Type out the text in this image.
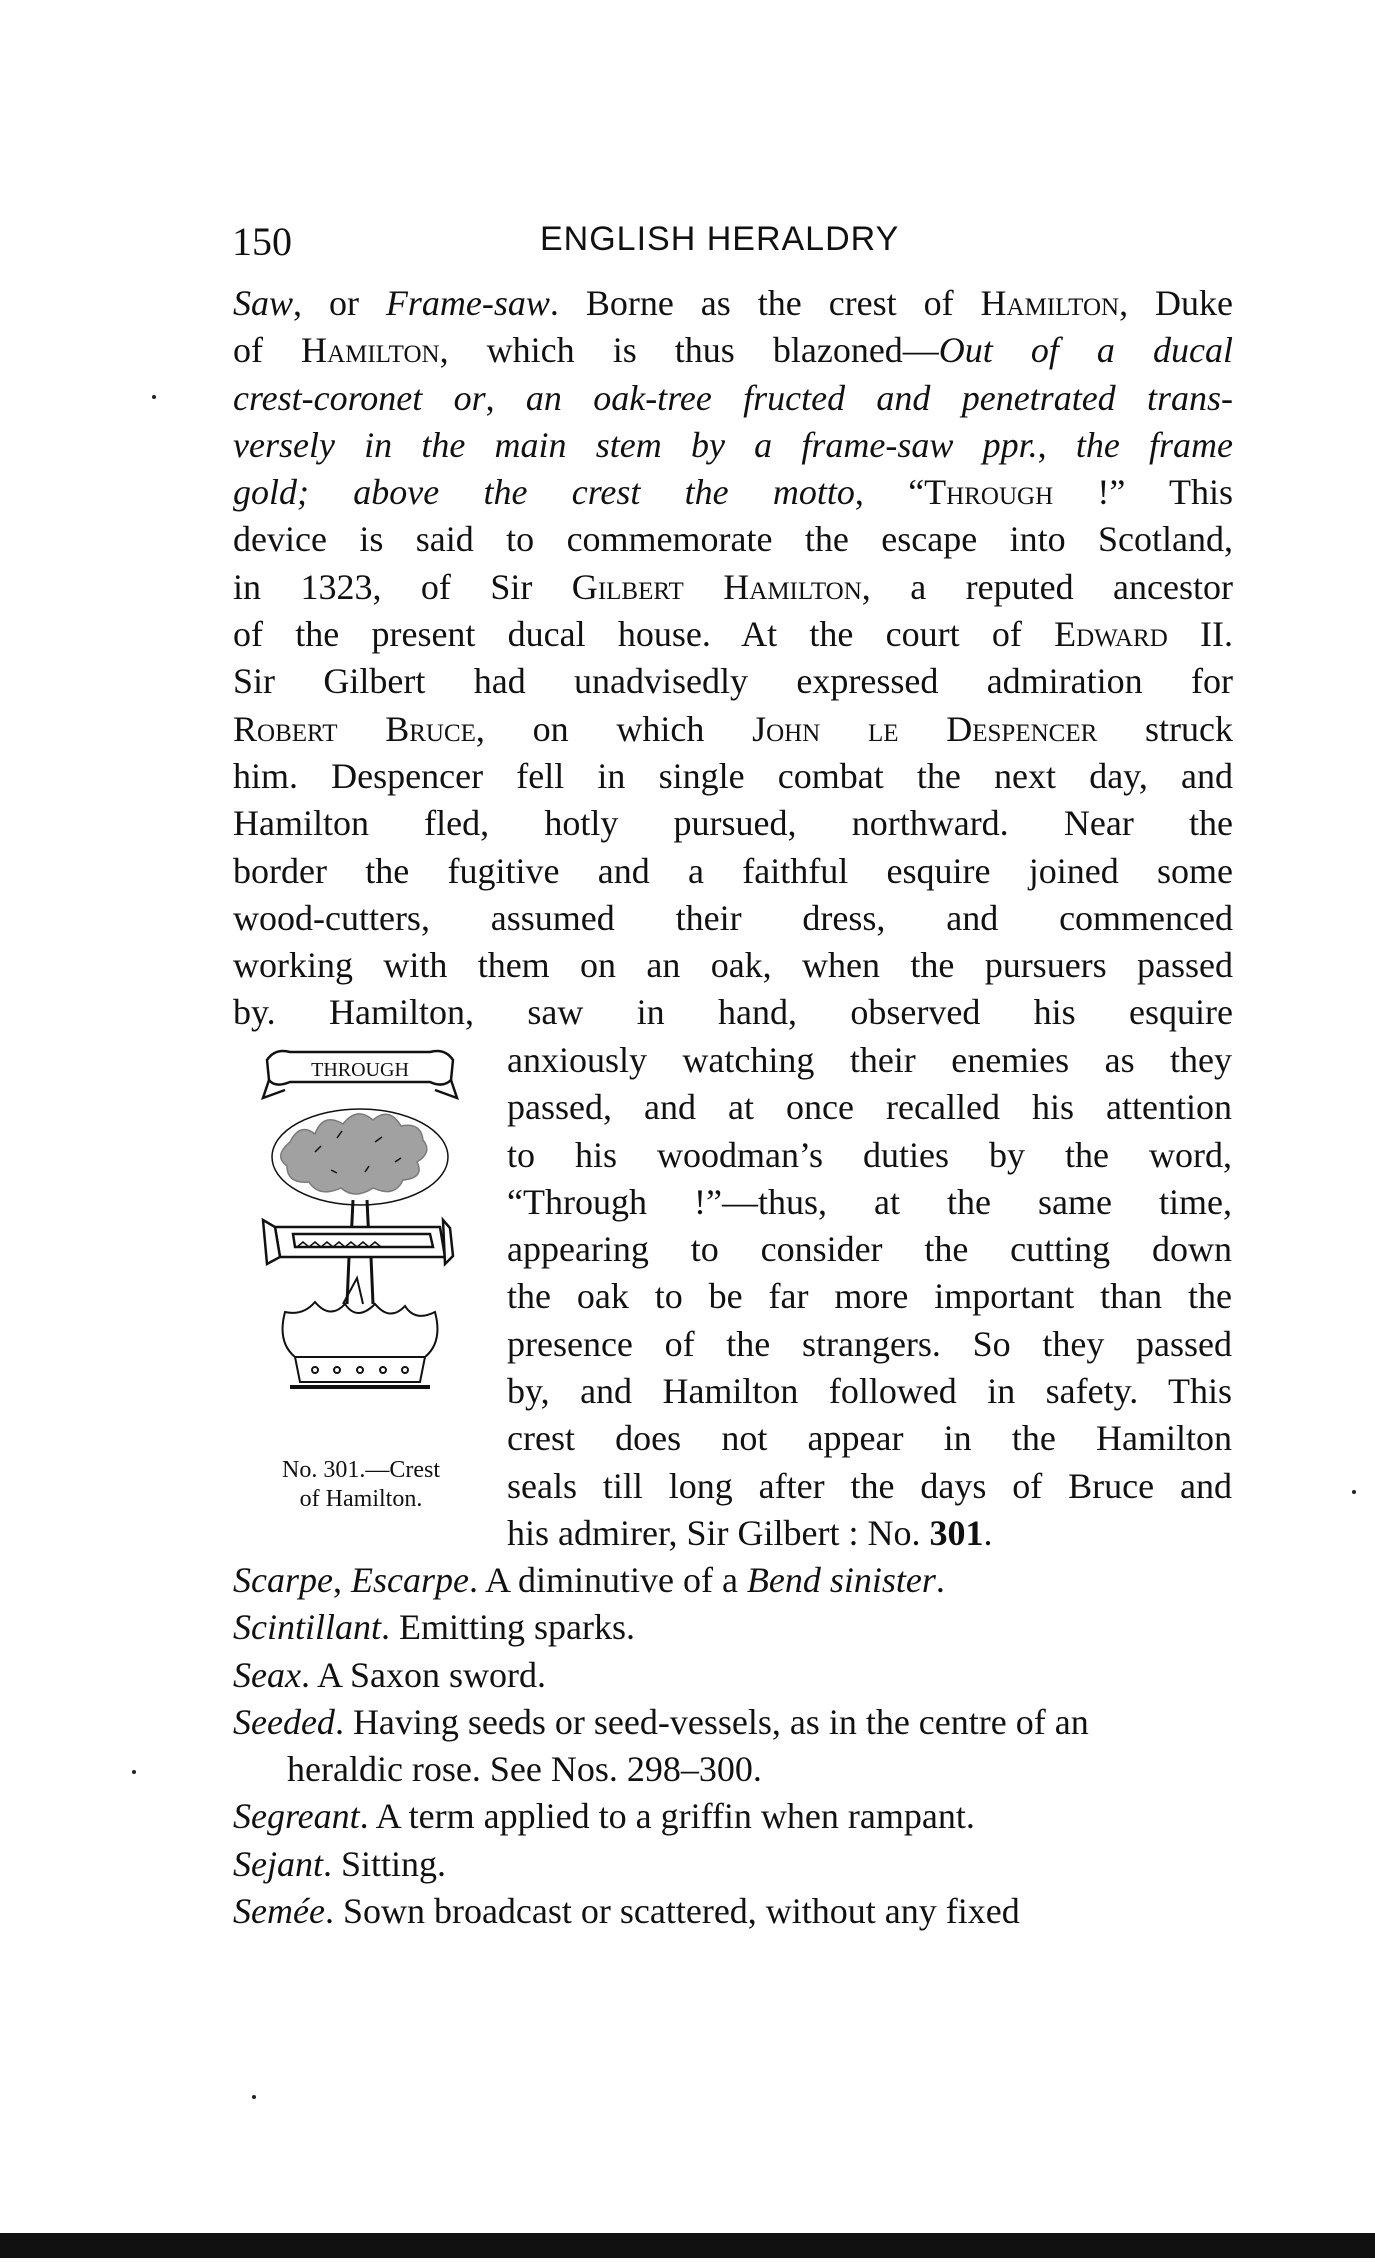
150	ENGLISH HERALDRY
Saw, or Frame-saw. Borne as the crest of Hamilton, Duke
of Hamilton, which is thus blazoned—Out of a ducal
crest-coronet or, an oak-tree fructed and penetrated trans-
versely in the main stem by a frame-saw ppr., the frame
gold; above the crest the motto, “Through !” This
device is said to commemorate the escape into Scotland,
in 1323, of Sir Gilbert Hamilton, a reputed ancestor
of the present ducal house. At the court of Edward II.
Sir Gilbert had unadvisedly expressed admiration for
Robert Bruce, on which John le Despencer struck
him. Despencer fell in single combat the next day, and
Hamilton fled, hotly pursued, northward. Near the
border the fugitive and a faithful esquire joined some
wood-cutters, assumed their dress, and commenced
working with them on an oak, when the pursuers passed
by. Hamilton, saw in hand, observed his esquire
THROUGH
No. 301.—Crest
of Hamilton.
anxiously watching their enemies as they
passed, and at once recalled his attention
to his woodman’s duties by the word,
“Through !”—thus, at the same time,
appearing to consider the cutting down
the oak to be far more important than the
presence of the strangers. So they passed
by, and Hamilton followed in safety. This
crest does not appear in the Hamilton
seals till long after the days of Bruce and
his admirer, Sir Gilbert : No. 301.
Scarpe, Escarpe. A diminutive of a Bend sinister.
Scintillant. Emitting sparks.
Seax. A Saxon sword.
Seeded. Having seeds or seed-vessels, as in the centre of an
heraldic rose. See Nos. 298–300.
Segreant. A term applied to a griffin when rampant.
Sejant. Sitting.
Semée. Sown broadcast or scattered, without any fixed
